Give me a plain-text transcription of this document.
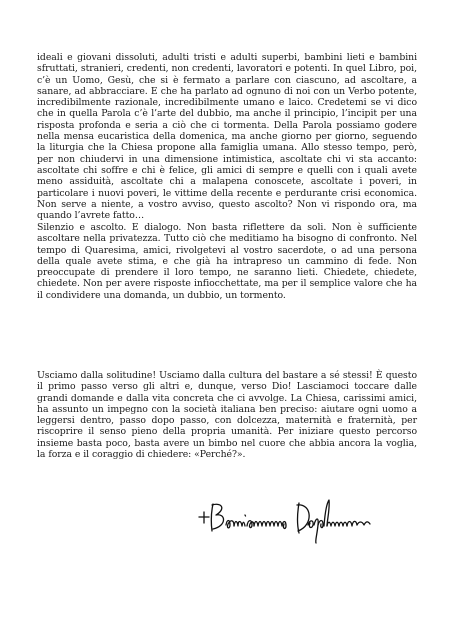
ideali e giovani dissoluti, adulti tristi e adulti superbi, bambini lieti e bambini sfruttati, stranieri, credenti, non credenti, lavoratori e potenti. In quel Libro, poi, c’è un Uomo, Gesù, che si è fermato a parlare con ciascuno, ad ascoltare, a sanare, ad abbracciare. E che ha parlato ad ognuno di noi con un Verbo potente, incredibilmente razionale, incredibilmente umano e laico. Credetemi se vi dico che in quella Parola c’è l’arte del dubbio, ma anche il principio, l’incipit per una risposta profonda e seria a ciò che ci tormenta. Della Parola possiamo godere nella mensa eucaristica della domenica, ma anche giorno per giorno, seguendo la liturgia che la Chiesa propone alla famiglia umana. Allo stesso tempo, però, per non chiudervi in una dimensione intimistica, ascoltate chi vi sta accanto: ascoltate chi soffre e chi è felice, gli amici di sempre e quelli con i quali avete meno assiduità, ascoltate chi a malapena conoscete, ascoltate i poveri, in particolare i nuovi poveri, le vittime della recente e perdurante crisi economica. Non serve a niente, a vostro avviso, questo ascolto? Non vi rispondo ora, ma quando l’avrete fatto…

Silenzio e ascolto. E dialogo. Non basta riflettere da soli. Non è sufficiente ascoltare nella privatezza. Tutto ciò che meditiamo ha bisogno di confronto. Nel tempo di Quaresima, amici, rivolgetevi al vostro sacerdote, o ad una persona della quale avete stima, e che già ha intrapreso un cammino di fede. Non preoccupate di prendere il loro tempo, ne saranno lieti. Chiedete, chiedete, chiedete. Non per avere risposte infiocchettate, ma per il semplice valore che ha il condividere una domanda, un dubbio, un tormento.

Usciamo dalla solitudine! Usciamo dalla cultura del bastare a sé stessi! È questo il primo passo verso gli altri e, dunque, verso Dio! Lasciamoci toccare dalle grandi domande e dalla vita concreta che ci avvolge. La Chiesa, carissimi amici, ha assunto un impegno con la società italiana ben preciso: aiutare ogni uomo a leggersi dentro, passo dopo passo, con dolcezza, maternità e fraternità, per riscoprire il senso pieno della propria umanità. Per iniziare questo percorso insieme basta poco, basta avere un bimbo nel cuore che abbia ancora la voglia, la forza e il coraggio di chiedere: «Perché?».
